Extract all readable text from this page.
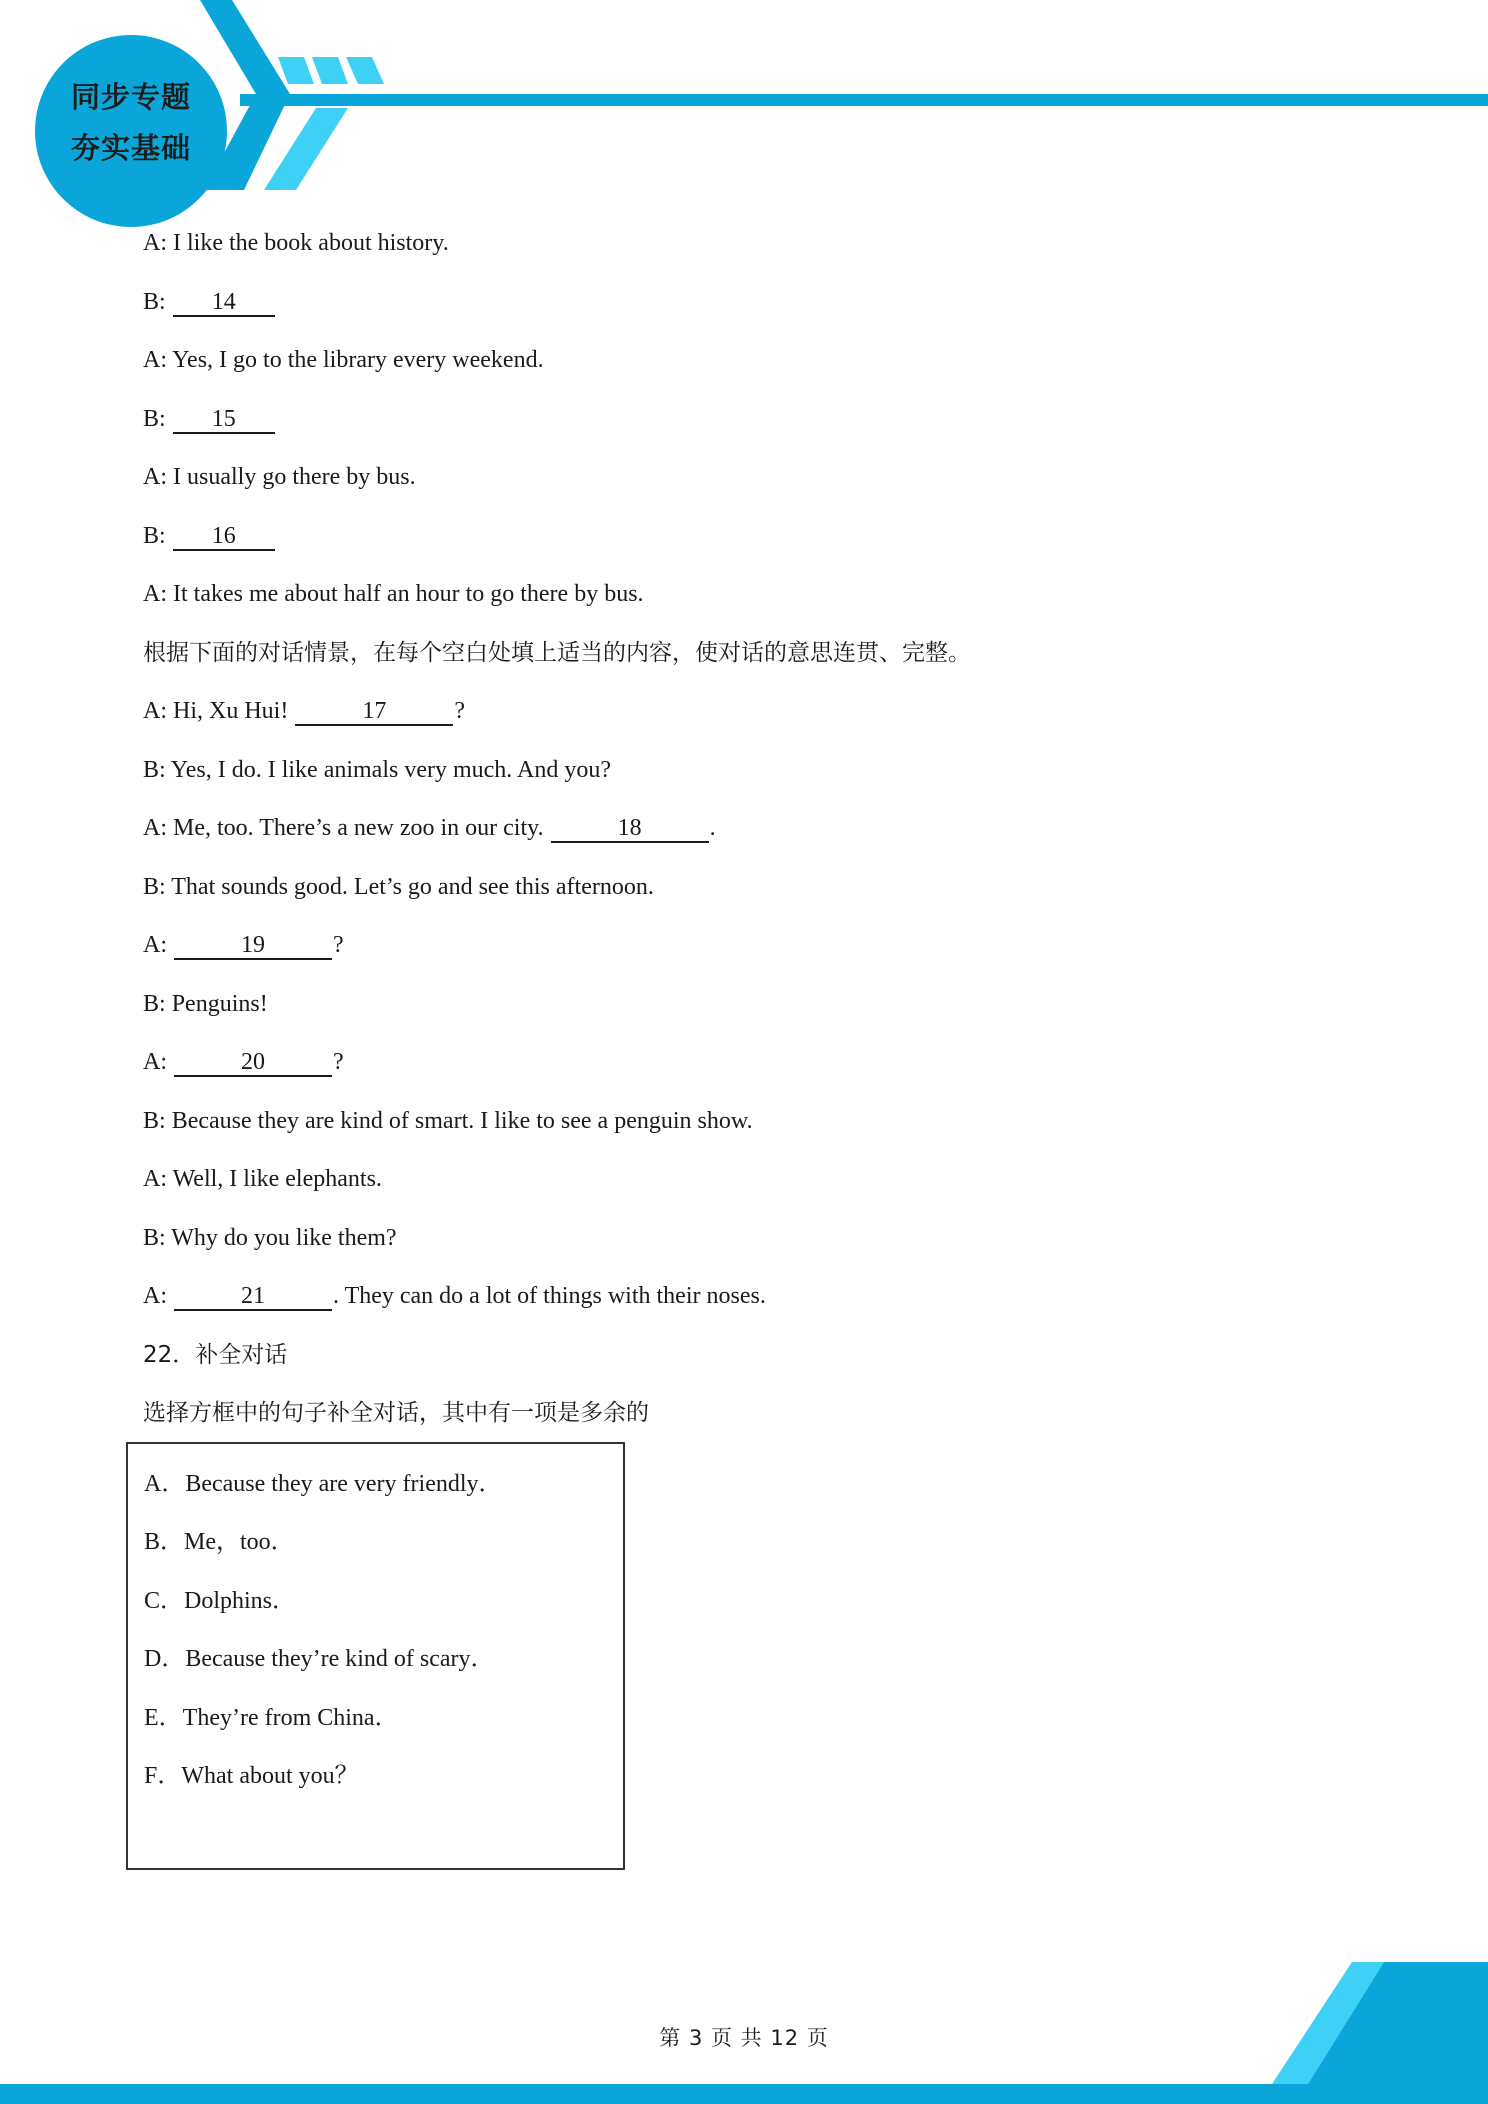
同步专题
夯实基础
A: I like the book about history.
B: 14
A: Yes, I go to the library every weekend.
B: 15
A: I usually go there by bus.
B: 16
A: It takes me about half an hour to go there by bus.
根据下面的对话情景，在每个空白处填上适当的内容，使对话的意思连贯、完整。
A: Hi, Xu Hui!	17	?
B: Yes, I do. I like animals very much. And you?
A: Me, too. There’s a new zoo in our city.	18	.
B: That sounds good. Let’s go and see this afternoon.
A:	19	?
B: Penguins!
A:	20	?
B: Because they are kind of smart. I like to see a penguin show.
A: Well, I like elephants.
B: Why do you like them?
A:	21	. They can do a lot of things with their noses.
22．补全对话
选择方框中的句子补全对话，其中有一项是多余的
A．Because they are very friendly．
B．Me，too．
C．Dolphins．
D．Because they’re kind of scary．
E．They’re from China．
F．What about you？
第 3 页 共 12 页
